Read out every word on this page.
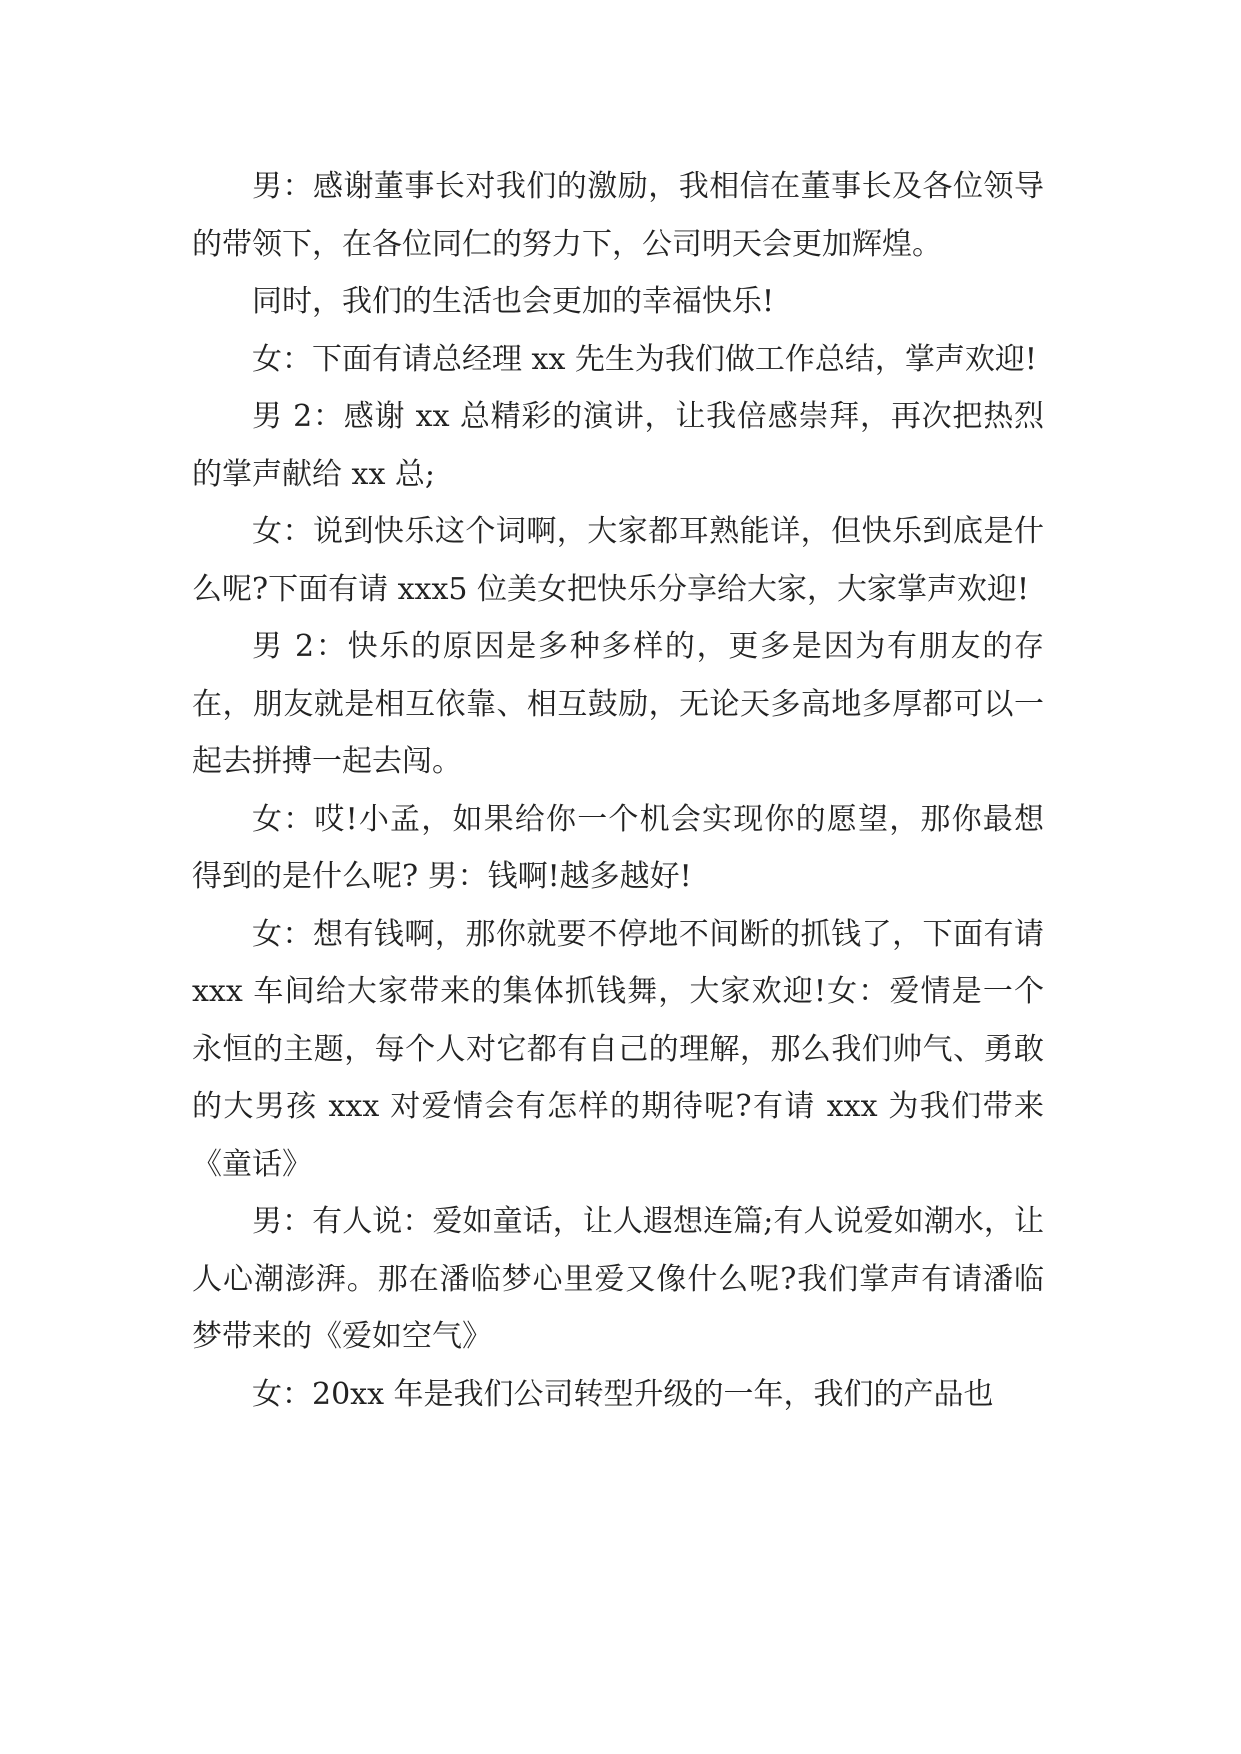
男：感谢董事长对我们的激励，我相信在董事长及各位领导的带领下，在各位同仁的努力下，公司明天会更加辉煌。

同时，我们的生活也会更加的幸福快乐!

女：下面有请总经理 xx 先生为我们做工作总结，掌声欢迎!

男 2：感谢 xx 总精彩的演讲，让我倍感崇拜，再次把热烈的掌声献给 xx 总;

女：说到快乐这个词啊，大家都耳熟能详，但快乐到底是什么呢?下面有请 xxx5 位美女把快乐分享给大家，大家掌声欢迎!

男 2：快乐的原因是多种多样的，更多是因为有朋友的存在，朋友就是相互依靠、相互鼓励，无论天多高地多厚都可以一起去拼搏一起去闯。

女：哎!小孟，如果给你一个机会实现你的愿望，那你最想得到的是什么呢? 男：钱啊!越多越好!

女：想有钱啊，那你就要不停地不间断的抓钱了，下面有请 xxx 车间给大家带来的集体抓钱舞，大家欢迎!女：爱情是一个永恒的主题，每个人对它都有自己的理解，那么我们帅气、勇敢的大男孩 xxx 对爱情会有怎样的期待呢?有请 xxx 为我们带来《童话》

男：有人说：爱如童话，让人遐想连篇;有人说爱如潮水，让人心潮澎湃。那在潘临梦心里爱又像什么呢?我们掌声有请潘临梦带来的《爱如空气》

女：20xx 年是我们公司转型升级的一年，我们的产品也
